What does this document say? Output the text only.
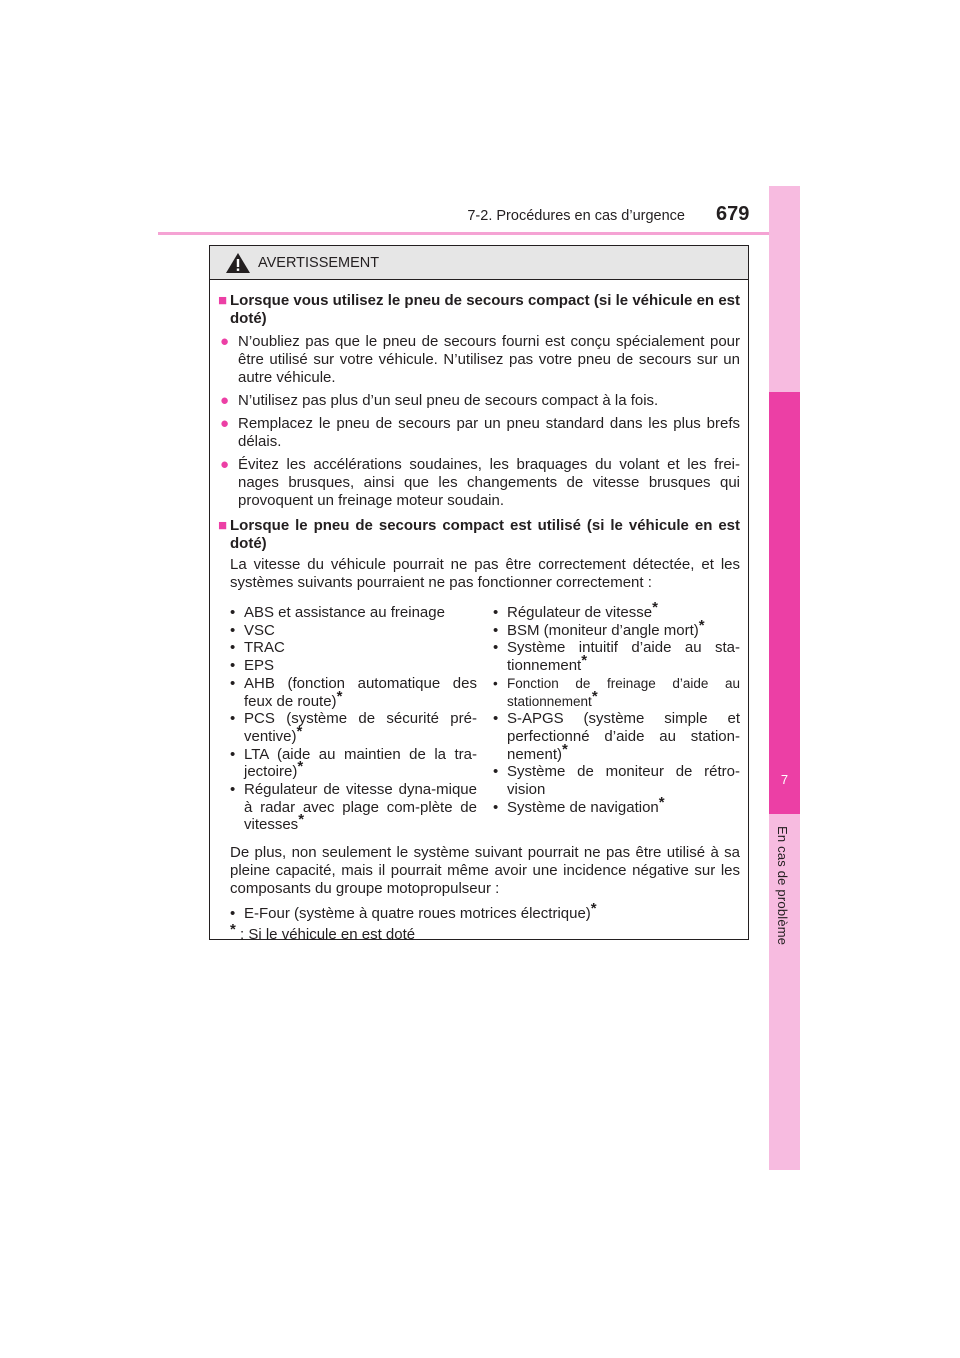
7-2. Procédures en cas d’urgence 679
7
En cas de problème
AVERTISSEMENT
■ Lorsque vous utilisez le pneu de secours compact (si le véhicule en est doté)
● N’oubliez pas que le pneu de secours fourni est conçu spécialement pour être utilisé sur votre véhicule. N’utilisez pas votre pneu de secours sur un autre véhicule.
● N’utilisez pas plus d’un seul pneu de secours compact à la fois.
● Remplacez le pneu de secours par un pneu standard dans les plus brefs délais.
● Évitez les accélérations soudaines, les braquages du volant et les frei-nages brusques, ainsi que les changements de vitesse brusques qui provoquent un freinage moteur soudain.
■ Lorsque le pneu de secours compact est utilisé (si le véhicule en est doté)
La vitesse du véhicule pourrait ne pas être correctement détectée, et les systèmes suivants pourraient ne pas fonctionner correctement :
• ABS et assistance au freinage
• VSC
• TRAC
• EPS
• AHB (fonction automatique des feux de route)*
• PCS (système de sécurité pré-ventive)*
• LTA (aide au maintien de la tra-jectoire)*
• Régulateur de vitesse dyna-mique à radar avec plage com-plète de vitesses*
• Régulateur de vitesse*
• BSM (moniteur d’angle mort)*
• Système intuitif d’aide au sta-tionnement*
• Fonction de freinage d’aide au stationnement*
• S-APGS (système simple et perfectionné d’aide au station-nement)*
• Système de moniteur de rétro-vision
• Système de navigation*
De plus, non seulement le système suivant pourrait ne pas être utilisé à sa pleine capacité, mais il pourrait même avoir une incidence négative sur les composants du groupe motopropulseur :
• E-Four (système à quatre roues motrices électrique)*
* : Si le véhicule en est doté
